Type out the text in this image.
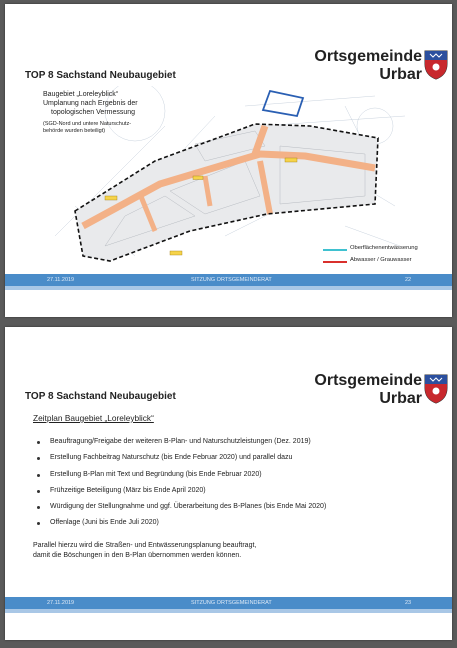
Ortsgemeinde
Urbar
TOP 8 Sachstand Neubaugebiet
Baugebiet „Loreleyblick“
Umplanung nach Ergebnis der
topologischen Vermessung
(SGD-Nord und untere Naturschutz-
behörde wurden beteiligt)
Oberflächenentwässerung
Abwasser / Grauwasser
27.11.2019	SITZUNG ORTSGEMEINDERAT	22
Ortsgemeinde
Urbar
TOP 8 Sachstand Neubaugebiet
Zeitplan Baugebiet „Loreleyblick“
Beauftragung/Freigabe der weiteren B-Plan- und Naturschutzleistungen (Dez. 2019)
Erstellung Fachbeitrag Naturschutz (bis Ende Februar 2020) und parallel dazu
Erstellung B-Plan mit Text und Begründung (bis Ende Februar 2020)
Frühzeitige Beteiligung (März bis Ende April 2020)
Würdigung der Stellungnahme und ggf. Überarbeitung des B-Planes (bis Ende Mai 2020)
Offenlage (Juni bis Ende Juli 2020)
Parallel hierzu wird die Straßen- und Entwässerungsplanung beauftragt,
damit die Böschungen in den B-Plan übernommen werden können.
27.11.2019	SITZUNG ORTSGEMEINDERAT	23
